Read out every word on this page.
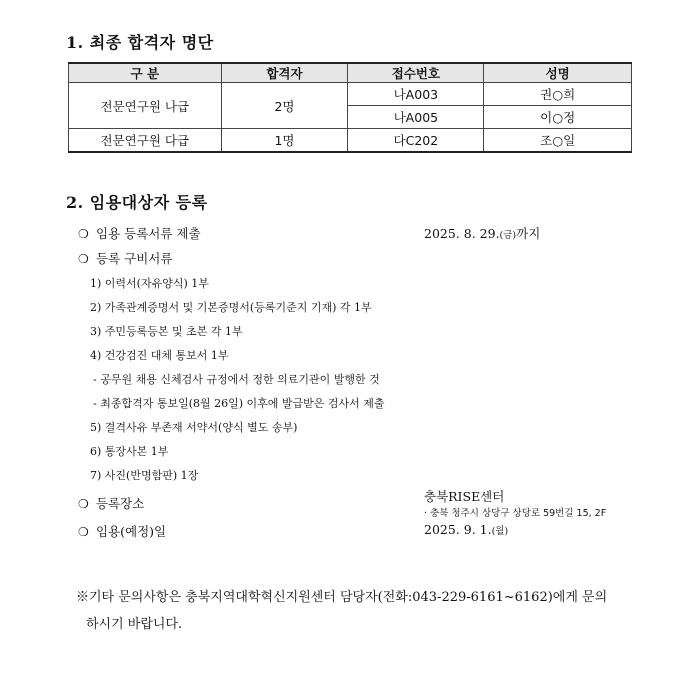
1. 최종 합격자 명단
구 분	합격자	접수번호	성명
전문연구원 나급	2명	나A003	권○희
		나A005	이○정
전문연구원 다급	1명	다C202	조○일
2. 임용대상자 등록
❍ 임용 등록서류 제출	2025. 8. 29.(금)까지
❍ 등록 구비서류
1) 이력서(자유양식) 1부
2) 가족관계증명서 및 기본증명서(등록기준지 기재) 각 1부
3) 주민등록등본 및 초본 각 1부
4) 건강검진 대체 통보서 1부
- 공무원 채용 신체검사 규정에서 정한 의료기관이 발행한 것
- 최종합격자 통보일(8월 26일) 이후에 발급받은 검사서 제출
5) 결격사유 부존재 서약서(양식 별도 송부)
6) 통장사본 1부
7) 사진(반명함판) 1장
❍ 등록장소	충북RISE센터
· 충북 청주시 상당구 상당로 59번길 15, 2F
❍ 임용(예정)일	2025. 9. 1.(월)
※기타 문의사항은 충북지역대학혁신지원센터 담당자(전화:043-229-6161~6162)에게 문의
하시기 바랍니다.
